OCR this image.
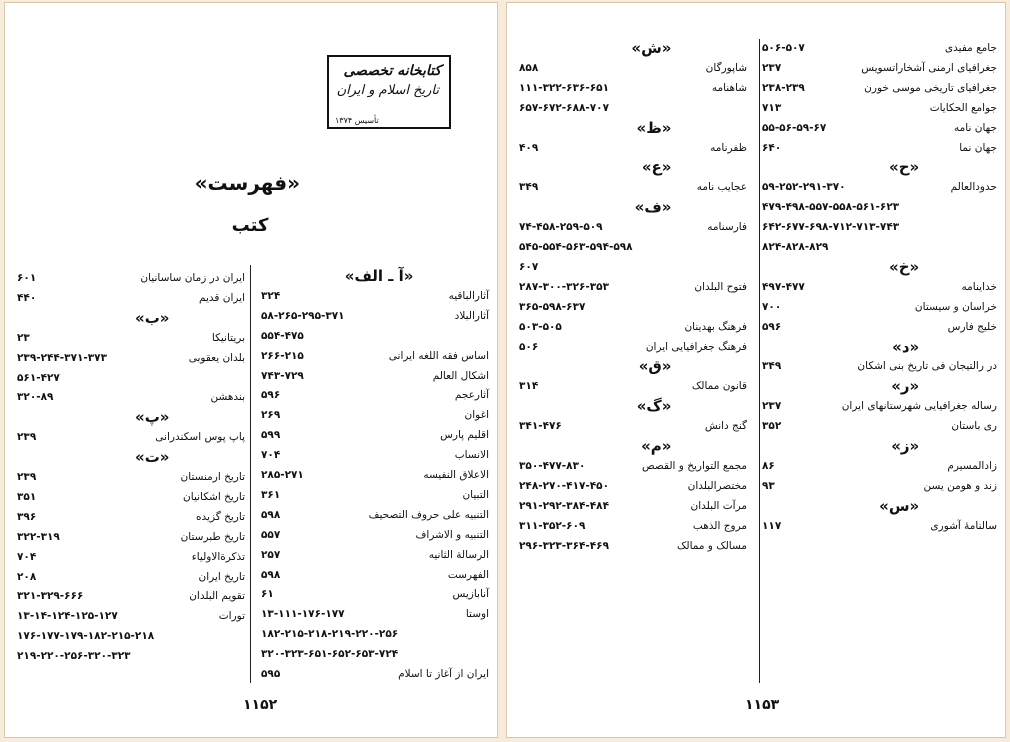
کتابخانه تخصصی
تاریخ اسلام و ایران
تأسیس ۱۳۷۴
«فهرست»
کتب
«آ ـ الف»
آثارالباقیه
۳۲۴
آثارالبلاد
۵۸-۲۶۵-۲۹۵-۳۷۱
۵۵۴-۴۷۵
اساس فقه اللغه ایرانی
۲۶۶-۲۱۵
اشکال العالم
۷۴۳-۷۲۹
آثارعجم
۵۹۶
اغوان
۲۶۹
اقلیم پارس
۵۹۹
الانساب
۷۰۴
الاعلاق النفیسه
۲۸۵-۲۷۱
التبیان
۳۶۱
التنبیه علی حروف التصحیف
۵۹۸
التنبیه و الاشراف
۵۵۷
الرسالة الثانیه
۲۵۷
الفهرست
۵۹۸
آنابازیس
۶۱
اوستا
۱۳-۱۱۱-۱۷۶-۱۷۷
۱۸۲-۲۱۵-۲۱۸-۲۱۹-۲۲۰-۲۵۶
۳۲۰-۳۲۳-۶۵۱-۶۵۲-۶۵۳-۷۲۴
ایران از آغاز تا اسلام
۵۹۵
ایران در زمان ساسانیان
۶۰۱
ایران قدیم
۴۴۰
«ب»
بریتانیکا
۲۳
بلدان یعقوبی
۲۳۹-۲۴۴-۳۷۱-۳۷۳
۵۶۱-۴۲۷
بندهشن
۳۲۰-۸۹
«پ»
پاپ پوس اسکندرانی
۲۳۹
«ت»
تاریخ ارمنستان
۲۳۹
تاریخ اشکانیان
۳۵۱
تاریخ گزیده
۳۹۶
تاریخ طبرستان
۳۲۲-۳۱۹
تذکرةالاولیاء
۷۰۴
تاریخ ایران
۲۰۸
تقویم البلدان
۳۲۱-۳۲۹-۶۶۶
تورات
۱۳-۱۴-۱۲۴-۱۲۵-۱۲۷
۱۷۶-۱۷۷-۱۷۹-۱۸۲-۲۱۵-۲۱۸
۲۱۹-۲۲۰-۲۵۶-۳۲۰-۳۲۳
۱۱۵۲
جامع مفیدی
۵۰۶-۵۰۷
جغرافیای ارمنی آشخاراتسویس
۲۳۷
جغرافیای تاریخی موسی خورن
۲۳۸-۲۳۹
جوامع الحکایات
۷۱۳
جهان نامه
۵۵-۵۶-۵۹-۶۷
جهان نما
۶۴۰
«ح»
حدودالعالم
۵۹-۲۵۲-۲۹۱-۳۷۰
۴۷۹-۴۹۸-۵۵۷-۵۵۸-۵۶۱-۶۲۳
۶۴۲-۶۷۷-۶۹۸-۷۱۲-۷۱۳-۷۴۳
۸۲۴-۸۲۸-۸۲۹
«خ»
خداینامه
۴۹۷-۴۷۷
خراسان و سیستان
۷۰۰
خلیج فارس
۵۹۶
«د»
در رالتیجان فی تاریخ بنی اشکان
۳۴۹
«ر»
رساله جغرافیایی شهرستانهای ایران
۲۳۷
ری باستان
۳۵۲
«ز»
زادالمسیرم
۸۶
زند و هومن یسن
۹۳
«س»
سالنامهٔ آشوری
۱۱۷
«ش»
شاپورگان
۸۵۸
شاهنامه
۱۱۱-۳۲۲-۶۳۶-۶۵۱
۶۵۷-۶۷۲-۶۸۸-۷۰۷
«ظ»
ظفرنامه
۴۰۹
«ع»
عجایب نامه
۳۴۹
«ف»
فارسنامه
۷۴-۴۵۸-۲۵۹-۵۰۹
۵۴۵-۵۵۴-۵۶۳-۵۹۴-۵۹۸
۶۰۷
فتوح البلدان
۲۸۷-۳۰۰-۳۲۶-۳۵۳
۳۶۵-۵۹۸-۶۳۷
فرهنگ بهدینان
۵۰۳-۵۰۵
فرهنگ جغرافیایی ایران
۵۰۶
«ق»
قانون ممالک
۳۱۴
«گ»
گنج دانش
۳۴۱-۴۷۶
«م»
مجمع التواریخ و القصص
۳۵۰-۴۷۷-۸۳۰
مختصرالبلدان
۲۴۸-۲۷۰-۴۱۷-۴۵۰
مرآت البلدان
۲۹۱-۲۹۲-۳۸۴-۴۸۴
مروج الذهب
۳۱۱-۳۵۲-۶۰۹
مسالک و ممالک
۲۹۶-۳۲۳-۳۶۴-۴۶۹
۱۱۵۳
